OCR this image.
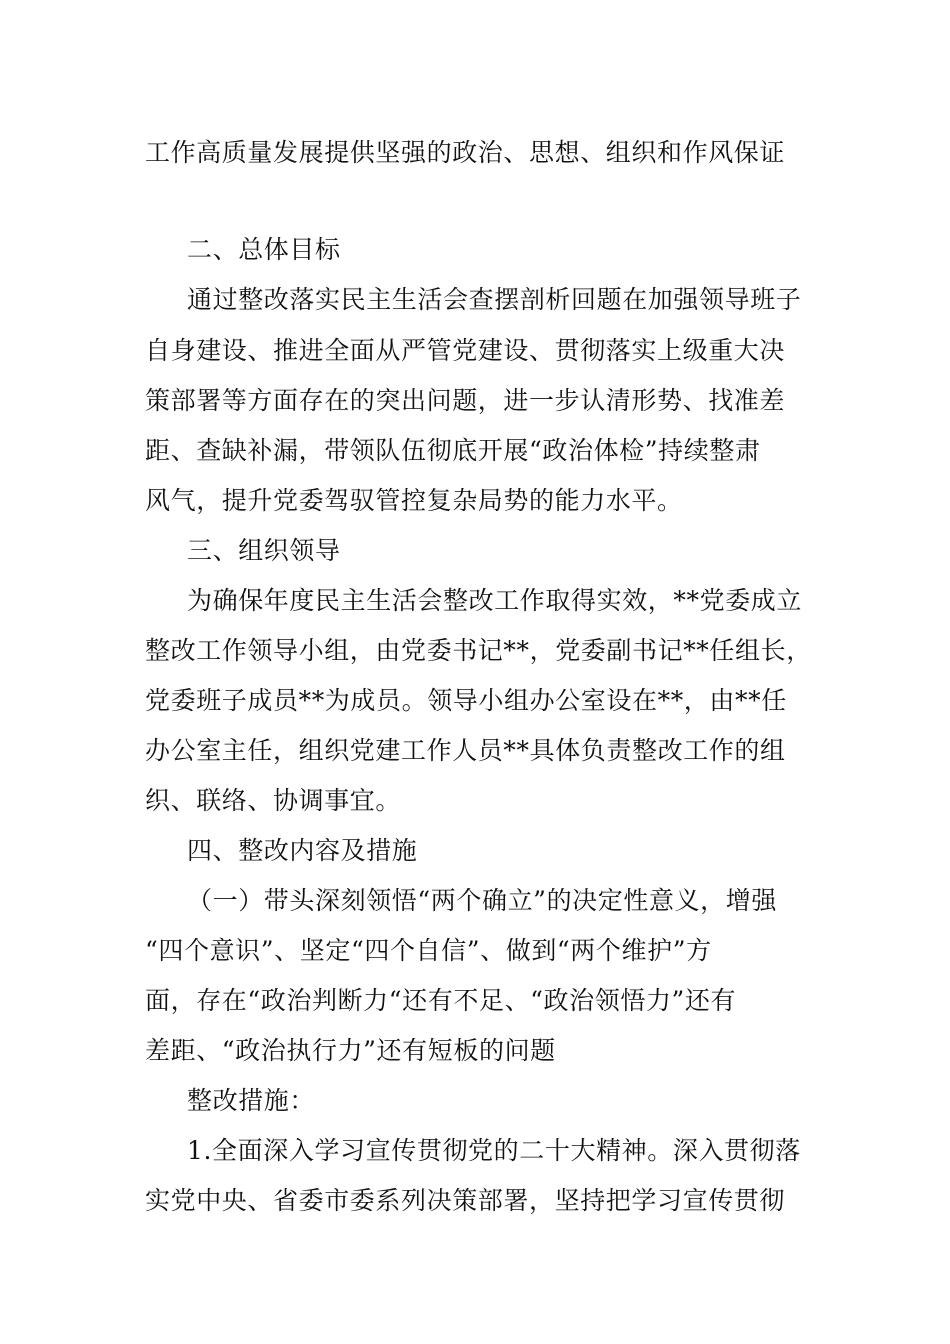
工作高质量发展提供坚强的政治、思想、组织和作风保证
二、总体目标
通过整改落实民主生活会查摆剖析回题在加强领导班子
自身建设、推进全面从严管党建设、贯彻落实上级重大决
策部署等方面存在的突出问题，进一步认清形势、找准差
距、查缺补漏，带领队伍彻底开展“政治体检”持续整肃
风气，提升党委驾驭管控复杂局势的能力水平。
三、组织领导
为确保年度民主生活会整改工作取得实效，**党委成立
整改工作领导小组，由党委书记**，党委副书记**任组长，
党委班子成员**为成员。领导小组办公室设在**，由**任
办公室主任，组织党建工作人员**具体负责整改工作的组
织、联络、协调事宜。
四、整改内容及措施
（一）带头深刻领悟“两个确立”的决定性意义，增强
“四个意识”、坚定“四个自信”、做到“两个维护”方
面，存在“政治判断力“还有不足、“政治领悟力”还有
差距、“政治执行力”还有短板的问题
整改措施：
1.全面深入学习宣传贯彻党的二十大精神。深入贯彻落
实党中央、省委市委系列决策部署，坚持把学习宣传贯彻
